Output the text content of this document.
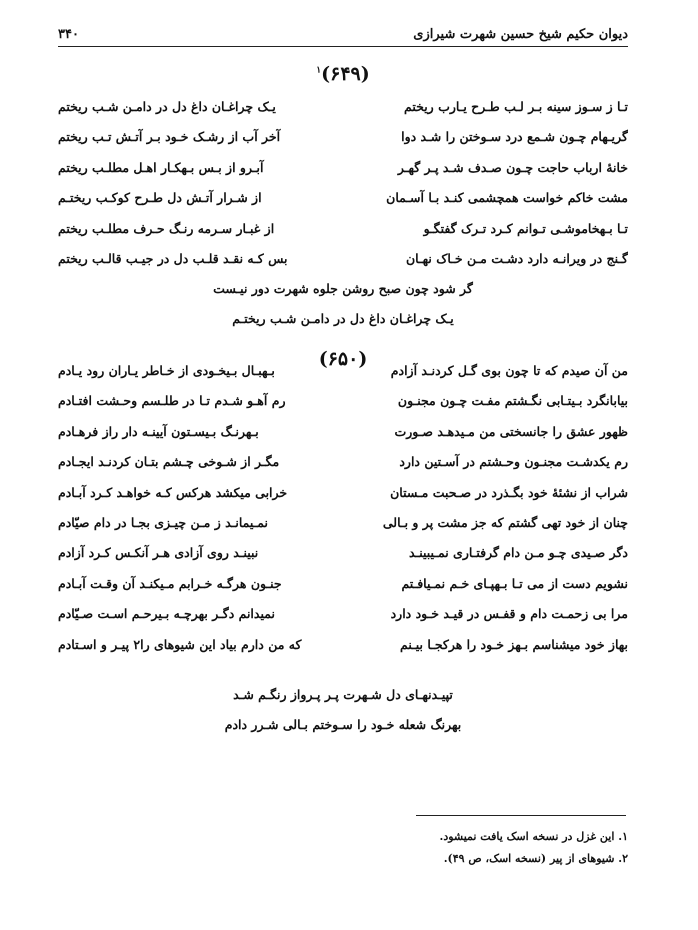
دیوان حکیم شیخ حسین شهرت شیرازی
۳۴۰
(۶۴۹)$^۱$
تـا ز سـوز سینه بـر لـب طـرح یـارب ریختم
یـک چراغـان داغ دل در دامـن شـب ریختم
گریـهام چـون شـمع درد سـوختن را شـد دوا
آخر آب از رشـک خـود بـر آتـش تـب ریختم
خانهٔ ارباب حاجت چـون صـدف شـد پـر گهـر
آبـرو از بـس بـهکـار اهـل مطلـب ریختم
مشت خاکم خواست همچشمی کنـد بـا آسـمان
از شـرار آتـش دل طـرح کوکـب ریختـم
تـا بـهخاموشـی تـوانم کـرد تـرک گفتگـو
از غبـار سـرمه رنـگ حـرف مطلـب ریختم
گـنج در ویرانـه دارد دشـت مـن خـاک نهـان
بس کـه نقـد قلـب دل در جیـب قالـب ریختم
گر شود چون صبح روشن جلوه شهرت دور نیـست
یـک چراغـان داغ دل در دامـن شـب ریختـم
(۶۵۰)
من آن صیدم که تا چون بوی گـل کردنـد آزادم
بـهبـال بـیخـودی از خـاطر یـاران رود یـادم
بیابانگرد بـیتـابی نگـشتم مفـت چـون مجنـون
رم آهـو شـدم تـا در طلـسم وحـشت افتـادم
ظهور عشق را جانسختی من مـیدهـد صـورت
بـهرنـگ بـیسـتون آیینـه دار راز فرهـادم
رم یکدشـت مجنـون وحـشتم در آسـتین دارد
مگـر از شـوخی چـشم بتـان کردنـد ایجـادم
شراب از نشئهٔ خود بگـذرد در صـحبت مـستان
خرابی میکشد هرکس کـه خواهـد کـرد آبـادم
چنان از خود تهی گشتم که جز مشت پر و بـالی
نمـیمانـد ز مـن چیـزی بجـا در دام صیّادم
دگر صـیدی چـو مـن دام گرفتـاری نمـیبینـد
نبینـد روی آزادی هـر آنکـس کـرد آزادم
نشویم دست از می تـا بـهپـای خـم نمـیافـتم
جنـون هرگـه خـرابم مـیکنـد آن وقـت آبـادم
مرا بی زحمـت دام و قفـس در قیـد خـود دارد
نمیدانم دگـر بهرچـه بـیرحـم اسـت صـیّادم
بهاز خود میشناسم بـهز خـود را هرکجـا بیـنم
که من دارم بیاد این شیوهای را٢ پیـر و اسـتادم
تپیـدنهـای دل شـهرت پـر پـرواز رنگـم شـد
بهرنگ شعله خـود را سـوختم بـالی شـرر دادم
۱. این غزل در نسخه اسک یافت نمیشود.
۲. شیوهای از پیر (نسخه اسک، ص ۴۹).
